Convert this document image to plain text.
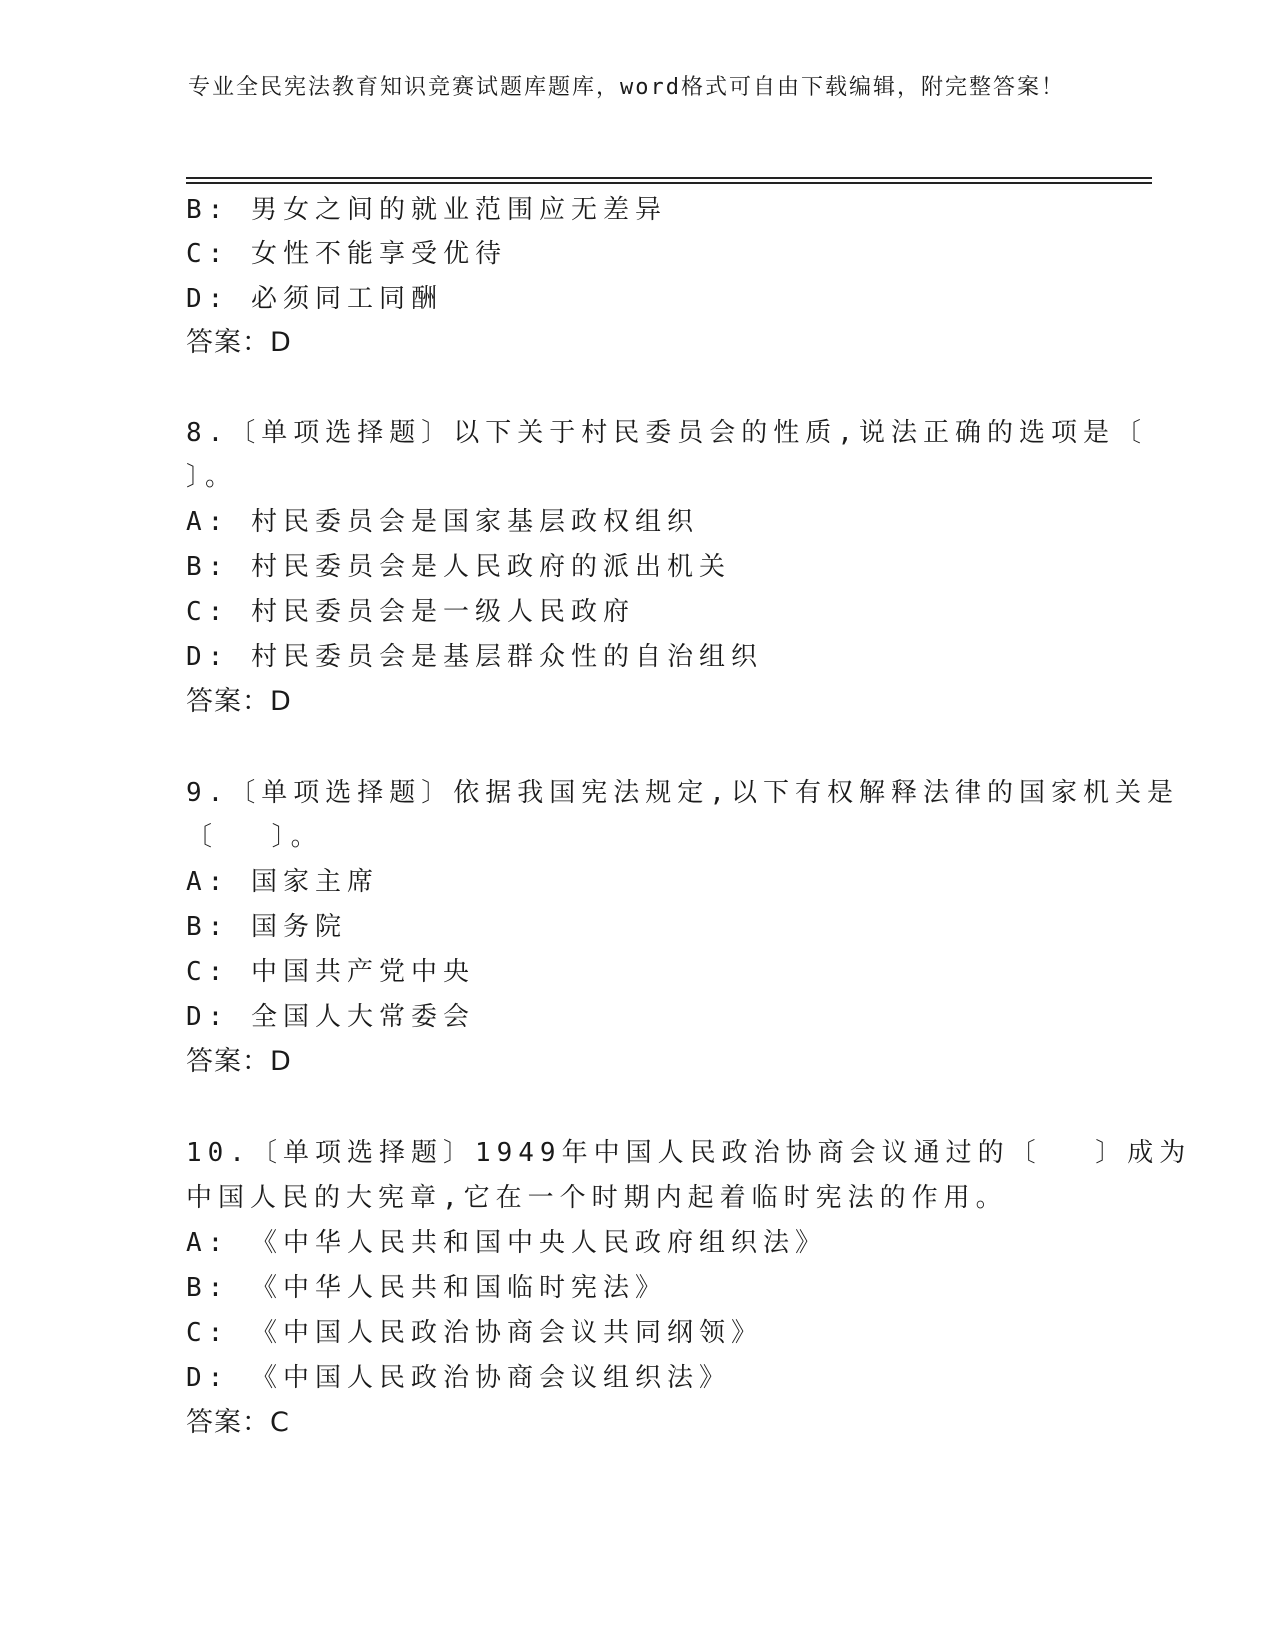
专业全民宪法教育知识竞赛试题库题库，word格式可自由下载编辑，附完整答案！
B: 男女之间的就业范围应无差异
C: 女性不能享受优待
D: 必须同工同酬
答案：D
8.〔单项选择题〕以下关于村民委员会的性质,说法正确的选项是〔
〕。
A: 村民委员会是国家基层政权组织
B: 村民委员会是人民政府的派出机关
C: 村民委员会是一级人民政府
D: 村民委员会是基层群众性的自治组织
答案：D
9.〔单项选择题〕依据我国宪法规定,以下有权解释法律的国家机关是
〔　 〕。
A: 国家主席
B: 国务院
C: 中国共产党中央
D: 全国人大常委会
答案：D
10.〔单项选择题〕1949年中国人民政治协商会议通过的〔　 〕成为
中国人民的大宪章,它在一个时期内起着临时宪法的作用。
A: 《中华人民共和国中央人民政府组织法》
B: 《中华人民共和国临时宪法》
C: 《中国人民政治协商会议共同纲领》
D: 《中国人民政治协商会议组织法》
答案：C
